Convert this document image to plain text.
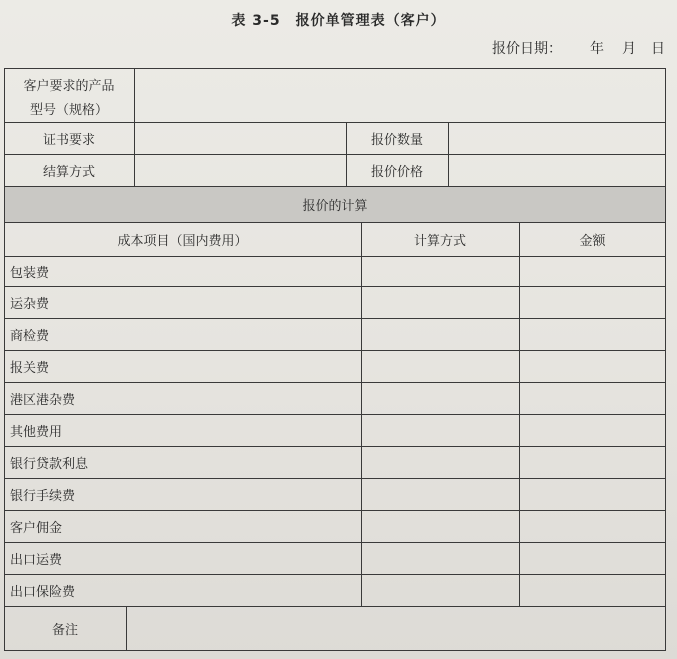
表 3-5　报价单管理表（客户）
报价日期： 年 月 日
客户要求的产品
型号（规格）
证书要求	报价数量
结算方式	报价价格
报价的计算
成本项目（国内费用）	计算方式	金额
包装费
运杂费
商检费
报关费
港区港杂费
其他费用
银行贷款利息
银行手续费
客户佣金
出口运费
出口保险费
备注
